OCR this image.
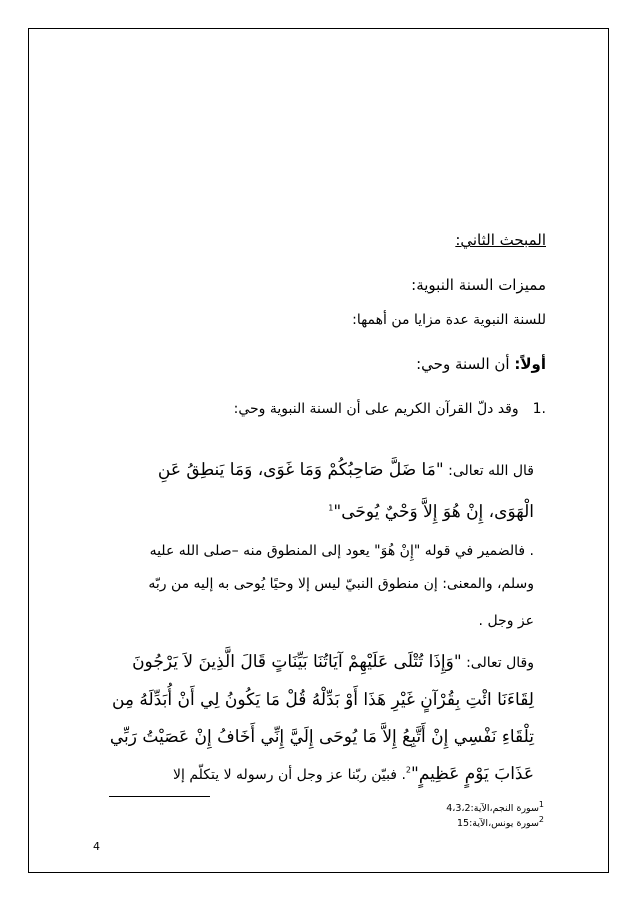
المبحث الثاني:
مميزات السنة النبوية:
للسنة النبوية عدة مزايا من أهمها:
أولاً: أن السنة وحي:
.1وقد دلّ القرآن الكريم على أن السنة النبوية وحي:
قال الله تعالى: "مَا ضَلَّ صَاحِبُكُمْ وَمَا غَوَى، وَمَا يَنطِقُ عَنِ
الْهَوَى، إِنْ هُوَ إِلاَّ وَحْيٌ يُوحَى"$^1$
. فالضمير في قوله "إِنْ هُوَ" يعود إلى المنطوق منه –صلى الله عليه
وسلم، والمعنى: إن منطوق النبيّ ليس إلا وحيًا يُوحى به إليه من ربّه
عز وجل .
وقال تعالى: "وَإِذَا تُتْلَى عَلَيْهِمْ آيَاتُنَا بَيِّنَاتٍ قَالَ الَّذِينَ لاَ يَرْجُونَ
لِقَاءَنَا ائْتِ بِقُرْآنٍ غَيْرِ هَذَا أَوْ بَدِّلْهُ قُلْ مَا يَكُونُ لِي أَنْ أُبَدِّلَهُ مِن
تِلْقَاءِ نَفْسِي إِنْ أَتَّبِعُ إِلاَّ مَا يُوحَى إِلَيَّ إِنِّي أَخَافُ إِنْ عَصَيْتُ رَبِّي
عَذَابَ يَوْمٍ عَظِيمٍ"$^2$. فبيّن ربّنا عز وجل أن رسوله لا يتكلّم إلا
$^1$سورة النجم،الآية:4،3،2
$^2$سورة يونس،الآية:15
4
